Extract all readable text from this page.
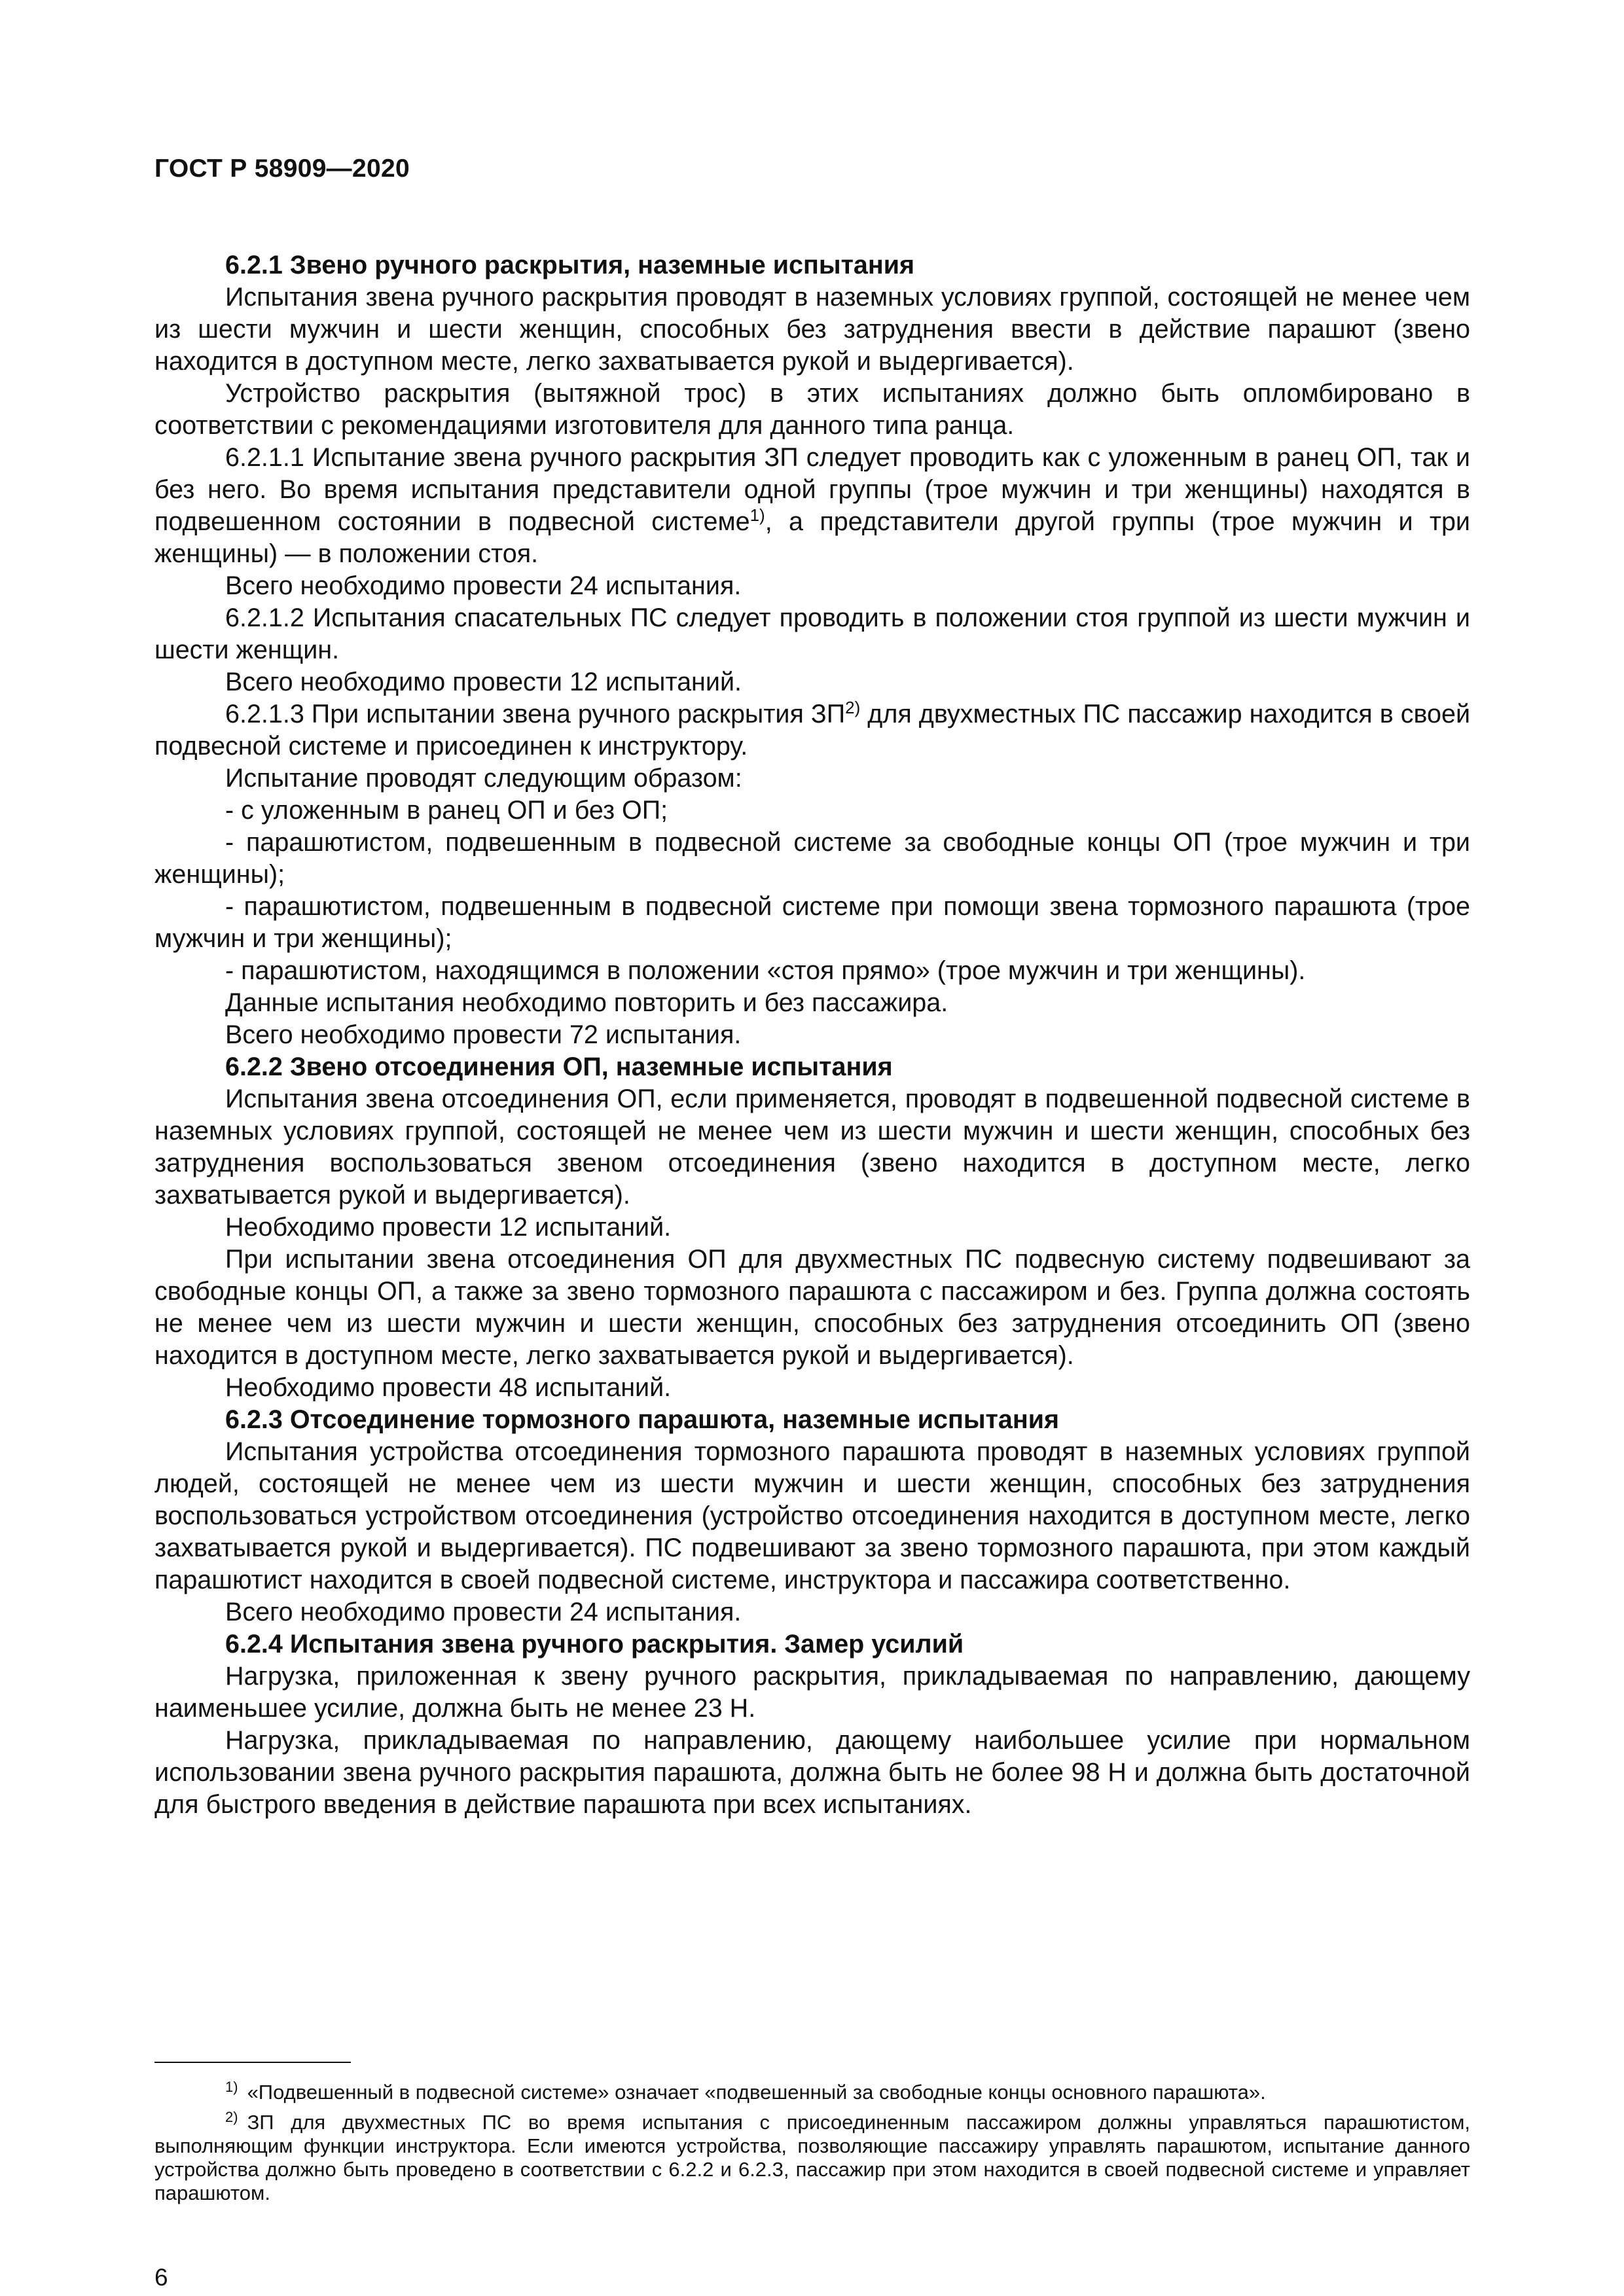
ГОСТ Р 58909—2020

6.2.1 Звено ручного раскрытия, наземные испытания

Испытания звена ручного раскрытия проводят в наземных условиях группой, состоящей не менее чем из шести мужчин и шести женщин, способных без затруднения ввести в действие парашют (звено находится в доступном месте, легко захватывается рукой и выдергивается).

Устройство раскрытия (вытяжной трос) в этих испытаниях должно быть опломбировано в соответствии с рекомендациями изготовителя для данного типа ранца.

6.2.1.1 Испытание звена ручного раскрытия ЗП следует проводить как с уложенным в ранец ОП, так и без него. Во время испытания представители одной группы (трое мужчин и три женщины) находятся в подвешенном состоянии в подвесной системе$^{1)}$, а представители другой группы (трое мужчин и три женщины) — в положении стоя.

Всего необходимо провести 24 испытания.

6.2.1.2 Испытания спасательных ПС следует проводить в положении стоя группой из шести мужчин и шести женщин.

Всего необходимо провести 12 испытаний.

6.2.1.3 При испытании звена ручного раскрытия ЗП$^{2)}$ для двухместных ПС пассажир находится в своей подвесной системе и присоединен к инструктору.

Испытание проводят следующим образом:

- с уложенным в ранец ОП и без ОП;

- парашютистом, подвешенным в подвесной системе за свободные концы ОП (трое мужчин и три женщины);

- парашютистом, подвешенным в подвесной системе при помощи звена тормозного парашюта (трое мужчин и три женщины);

- парашютистом, находящимся в положении «стоя прямо» (трое мужчин и три женщины).

Данные испытания необходимо повторить и без пассажира.

Всего необходимо провести 72 испытания.

6.2.2 Звено отсоединения ОП, наземные испытания

Испытания звена отсоединения ОП, если применяется, проводят в подвешенной подвесной системе в наземных условиях группой, состоящей не менее чем из шести мужчин и шести женщин, способных без затруднения воспользоваться звеном отсоединения (звено находится в доступном месте, легко захватывается рукой и выдергивается).

Необходимо провести 12 испытаний.

При испытании звена отсоединения ОП для двухместных ПС подвесную систему подвешивают за свободные концы ОП, а также за звено тормозного парашюта с пассажиром и без. Группа должна состоять не менее чем из шести мужчин и шести женщин, способных без затруднения отсоединить ОП (звено находится в доступном месте, легко захватывается рукой и выдергивается).

Необходимо провести 48 испытаний.

6.2.3 Отсоединение тормозного парашюта, наземные испытания

Испытания устройства отсоединения тормозного парашюта проводят в наземных условиях группой людей, состоящей не менее чем из шести мужчин и шести женщин, способных без затруднения воспользоваться устройством отсоединения (устройство отсоединения находится в доступном месте, легко захватывается рукой и выдергивается). ПС подвешивают за звено тормозного парашюта, при этом каждый парашютист находится в своей подвесной системе, инструктора и пассажира соответственно.

Всего необходимо провести 24 испытания.

6.2.4 Испытания звена ручного раскрытия. Замер усилий

Нагрузка, приложенная к звену ручного раскрытия, прикладываемая по направлению, дающему наименьшее усилие, должна быть не менее 23 Н.

Нагрузка, прикладываемая по направлению, дающему наибольшее усилие при нормальном использовании звена ручного раскрытия парашюта, должна быть не более 98 Н и должна быть достаточной для быстрого введения в действие парашюта при всех испытаниях.

$^{1)}$ «Подвешенный в подвесной системе» означает «подвешенный за свободные концы основного парашюта».

$^{2)}$ ЗП для двухместных ПС во время испытания с присоединенным пассажиром должны управляться парашютистом, выполняющим функции инструктора. Если имеются устройства, позволяющие пассажиру управлять парашютом, испытание данного устройства должно быть проведено в соответствии с 6.2.2 и 6.2.3, пассажир при этом находится в своей подвесной системе и управляет парашютом.

6
